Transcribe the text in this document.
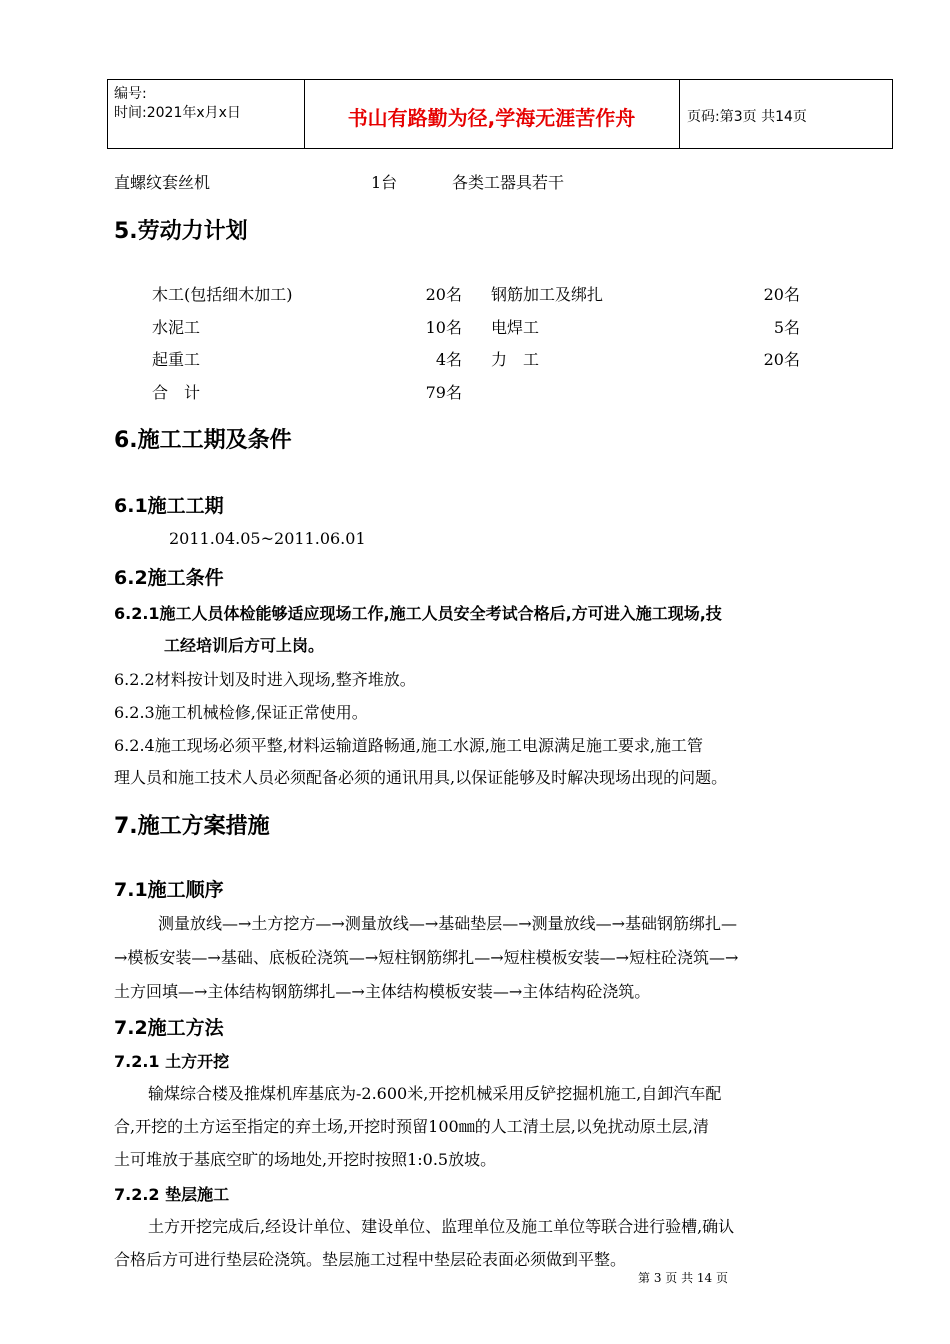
编号:
时间:2021年x月x日	书山有路勤为径,学海无涯苦作舟	页码:第3页 共14页
直螺纹套丝机	1台	各类工器具若干
5.劳动力计划
木工(包括细木加工)	20名 钢筋加工及绑扎	20名
水泥工	10名 电焊工	5名
起重工	4名 力　工	20名
合　计	79名
6.施工工期及条件
6.1施工工期
2011.04.05~2011.06.01
6.2施工条件
6.2.1施工人员体检能够适应现场工作,施工人员安全考试合格后,方可进入施工现场,技
工经培训后方可上岗。
6.2.2材料按计划及时进入现场,整齐堆放。
6.2.3施工机械检修,保证正常使用。
6.2.4施工现场必须平整,材料运输道路畅通,施工水源,施工电源满足施工要求,施工管
理人员和施工技术人员必须配备必须的通讯用具,以保证能够及时解决现场出现的问题。
7.施工方案措施
7.1施工顺序
测量放线—→土方挖方—→测量放线—→基础垫层—→测量放线—→基础钢筋绑扎—
→模板安装—→基础、底板砼浇筑—→短柱钢筋绑扎—→短柱模板安装—→短柱砼浇筑—→
土方回填—→主体结构钢筋绑扎—→主体结构模板安装—→主体结构砼浇筑。
7.2施工方法
7.2.1 土方开挖
输煤综合楼及推煤机库基底为-2.600米,开挖机械采用反铲挖掘机施工,自卸汽车配
合,开挖的土方运至指定的弃土场,开挖时预留100㎜的人工清土层,以免扰动原土层,清
土可堆放于基底空旷的场地处,开挖时按照1:0.5放坡。
7.2.2 垫层施工
土方开挖完成后,经设计单位、建设单位、监理单位及施工单位等联合进行验槽,确认
合格后方可进行垫层砼浇筑。垫层施工过程中垫层砼表面必须做到平整。
第 3 页 共 14 页
